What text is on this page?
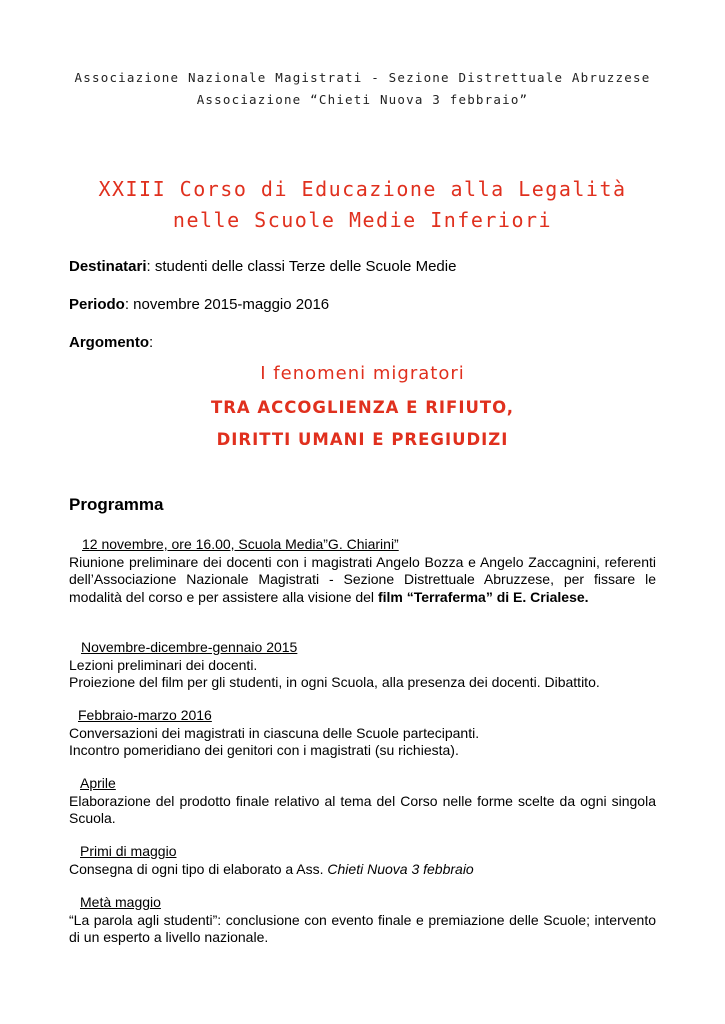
Associazione Nazionale Magistrati - Sezione Distrettuale Abruzzese
Associazione “Chieti Nuova 3 febbraio”
XXIII Corso di Educazione alla Legalità
nelle Scuole Medie Inferiori
Destinatari: studenti delle classi Terze delle Scuole Medie
Periodo: novembre 2015-maggio 2016
Argomento:
I fenomeni migratori
TRA ACCOGLIENZA E RIFIUTO,
DIRITTI UMANI E PREGIUDIZI
Programma
12 novembre, ore 16.00, Scuola Media”G. Chiarini”
Riunione preliminare dei docenti con i magistrati Angelo Bozza e Angelo Zaccagnini, referenti dell’Associazione Nazionale Magistrati - Sezione Distrettuale Abruzzese, per fissare le modalità del corso e per assistere alla visione del film “Terraferma” di E. Crialese.
Novembre-dicembre-gennaio 2015
Lezioni preliminari dei docenti.
Proiezione del film per gli studenti, in ogni Scuola, alla presenza dei docenti. Dibattito.
Febbraio-marzo 2016
Conversazioni dei magistrati in ciascuna delle Scuole partecipanti.
Incontro pomeridiano dei genitori con i magistrati (su richiesta).
Aprile
Elaborazione del prodotto finale relativo al tema del Corso nelle forme scelte da ogni singola Scuola.
Primi di maggio
Consegna di ogni tipo di elaborato a Ass. Chieti Nuova 3 febbraio
Metà maggio
“La parola agli studenti”: conclusione con evento finale e premiazione delle Scuole; intervento di un esperto a livello nazionale.
